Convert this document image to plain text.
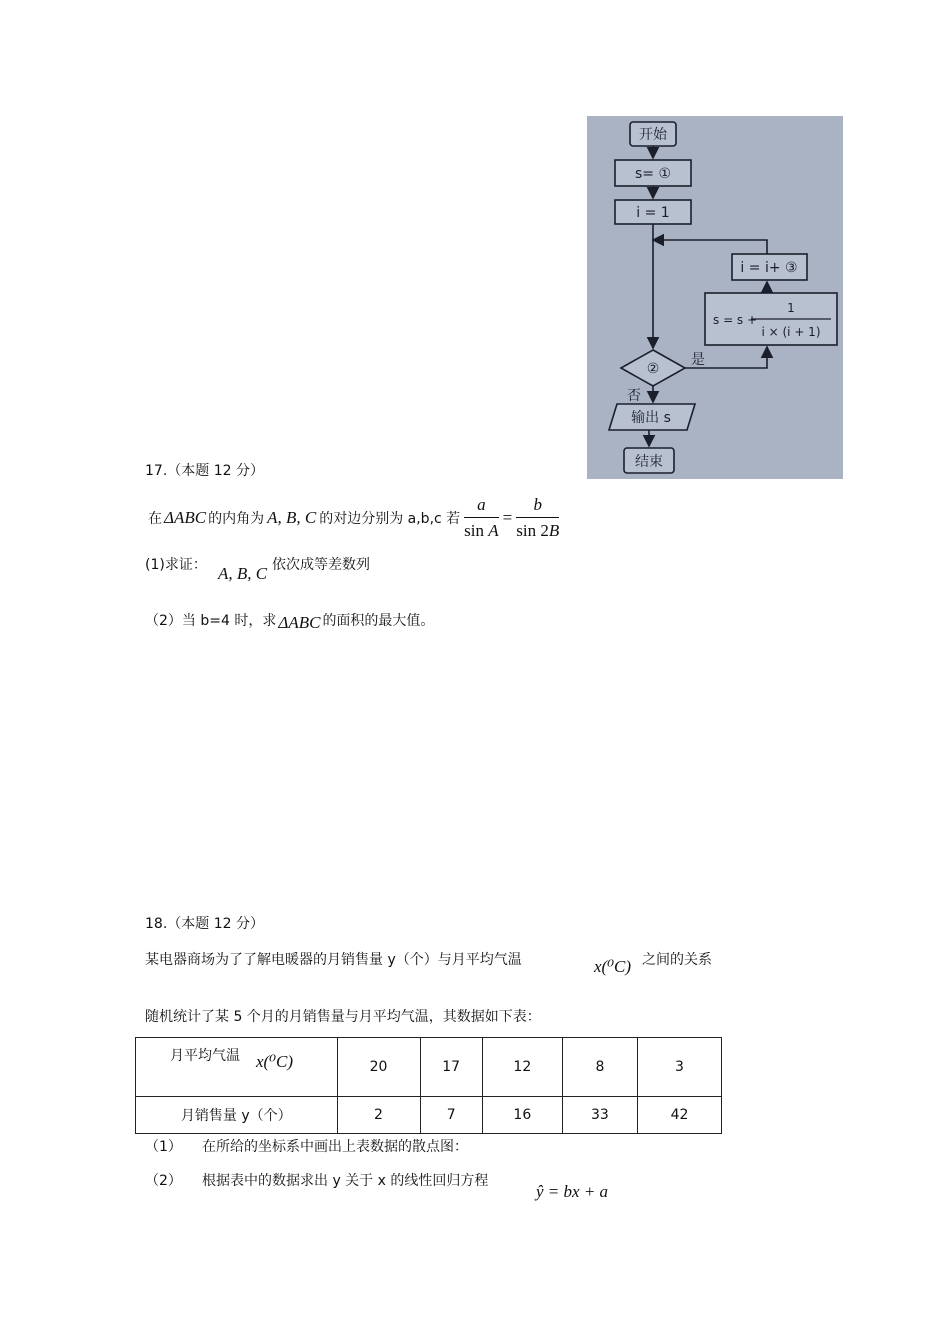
开始
s= ①
i = 1
i = i+ ③
s = s +
1
i × (i + 1)
②
是
否
输出 s
结束
17.（本题 12 分）
在 ΔABC 的内角为 A, B, C 的对边分别为 a,b,c 若 $\frac{a}{\text{sin A}} = \frac{b}{\sin 2B}$
(1)求证： A, B, C 依次成等差数列
（2）当 b=4 时，求 ΔABC 的面积的最大值。
18.（本题 12 分）
某电器商场为了了解电暖器的月销售量 y（个）与月平均气温	x(⁰C) 之间的关系
随机统计了某 5 个月的月销售量与月平均气温，其数据如下表：
月平均气温 x(⁰C)	20	17	12	8	3
月销售量 y（个）	2	7	16	33	42
（1） 在所给的坐标系中画出上表数据的散点图：
（2） 根据表中的数据求出 y 关于 x 的线性回归方程
ŷ = bx + a
